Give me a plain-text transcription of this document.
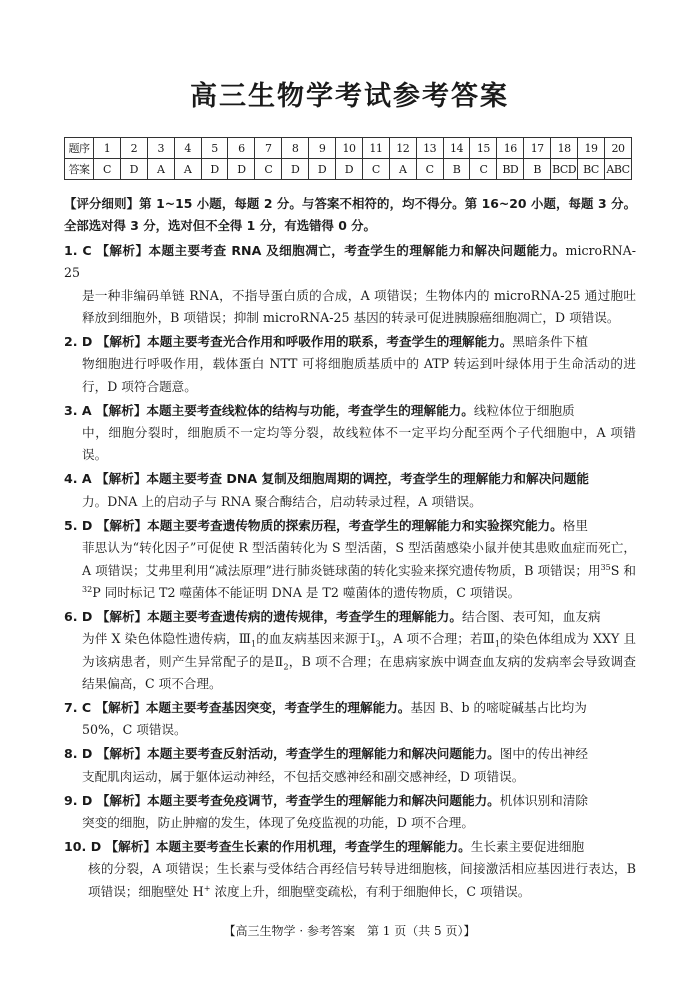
高三生物学考试参考答案
题序	1	2	3	4	5	6	7	8	9	10	11	12	13	14	15	16	17	18	19	20
答案	C	D	A	A	D	D	C	D	D	D	C	A	C	B	C	BD	B	BCD	BC	ABC

【评分细则】第 1~15 小题，每题 2 分。与答案不相符的，均不得分。第 16~20 小题，每题 3 分。全部选对得 3 分，选对但不全得 1 分，有选错得 0 分。

1. C 【解析】本题主要考查 RNA 及细胞凋亡，考查学生的理解能力和解决问题能力。microRNA-25
是一种非编码单链 RNA，不指导蛋白质的合成，A 项错误；生物体内的 microRNA-25 通过胞吐释放到细胞外，B 项错误；抑制 microRNA-25 基因的转录可促进胰腺癌细胞凋亡，D 项错误。
2. D 【解析】本题主要考查光合作用和呼吸作用的联系，考查学生的理解能力。黑暗条件下植
物细胞进行呼吸作用，载体蛋白 NTT 可将细胞质基质中的 ATP 转运到叶绿体用于生命活动的进行，D 项符合题意。
3. A 【解析】本题主要考查线粒体的结构与功能，考查学生的理解能力。线粒体位于细胞质
中，细胞分裂时，细胞质不一定均等分裂，故线粒体不一定平均分配至两个子代细胞中，A 项错误。
4. A 【解析】本题主要考查 DNA 复制及细胞周期的调控，考查学生的理解能力和解决问题能
力。DNA 上的启动子与 RNA 聚合酶结合，启动转录过程，A 项错误。
5. D 【解析】本题主要考查遗传物质的探索历程，考查学生的理解能力和实验探究能力。格里
菲思认为“转化因子”可促使 R 型活菌转化为 S 型活菌，S 型活菌感染小鼠并使其患败血症而死亡，A 项错误；艾弗里利用“减法原理”进行肺炎链球菌的转化实验来探究遗传物质，B 项错误；用$^{35}$S 和$^{32}$P 同时标记 T2 噬菌体不能证明 DNA 是 T2 噬菌体的遗传物质，C 项错误。
6. D 【解析】本题主要考查遗传病的遗传规律，考查学生的理解能力。结合图、表可知，血友病
为伴 X 染色体隐性遗传病，$Ⅲ_1$的血友病基因来源于$Ⅰ_3$，A 项不合理；若$Ⅲ_1$的染色体组成为 XXY 且为该病患者，则产生异常配子的是$Ⅱ_2$，B 项不合理；在患病家族中调查血友病的发病率会导致调查结果偏高，C 项不合理。
7. C 【解析】本题主要考查基因突变，考查学生的理解能力。基因 B、b 的嘧啶碱基占比均为
50%，C 项错误。
8. D 【解析】本题主要考查反射活动，考查学生的理解能力和解决问题能力。图中的传出神经
支配肌肉运动，属于躯体运动神经，不包括交感神经和副交感神经，D 项错误。
9. D 【解析】本题主要考查免疫调节，考查学生的理解能力和解决问题能力。机体识别和清除
突变的细胞，防止肿瘤的发生，体现了免疫监视的功能，D 项不合理。
10. D 【解析】本题主要考查生长素的作用机理，考查学生的理解能力。生长素主要促进细胞
核的分裂，A 项错误；生长素与受体结合再经信号转导进细胞核，间接激活相应基因进行表达，B 项错误；细胞壁处 H+ 浓度上升，细胞壁变疏松，有利于细胞伸长，C 项错误。
【高三生物学 · 参考答案　第 1 页（共 5 页）】
